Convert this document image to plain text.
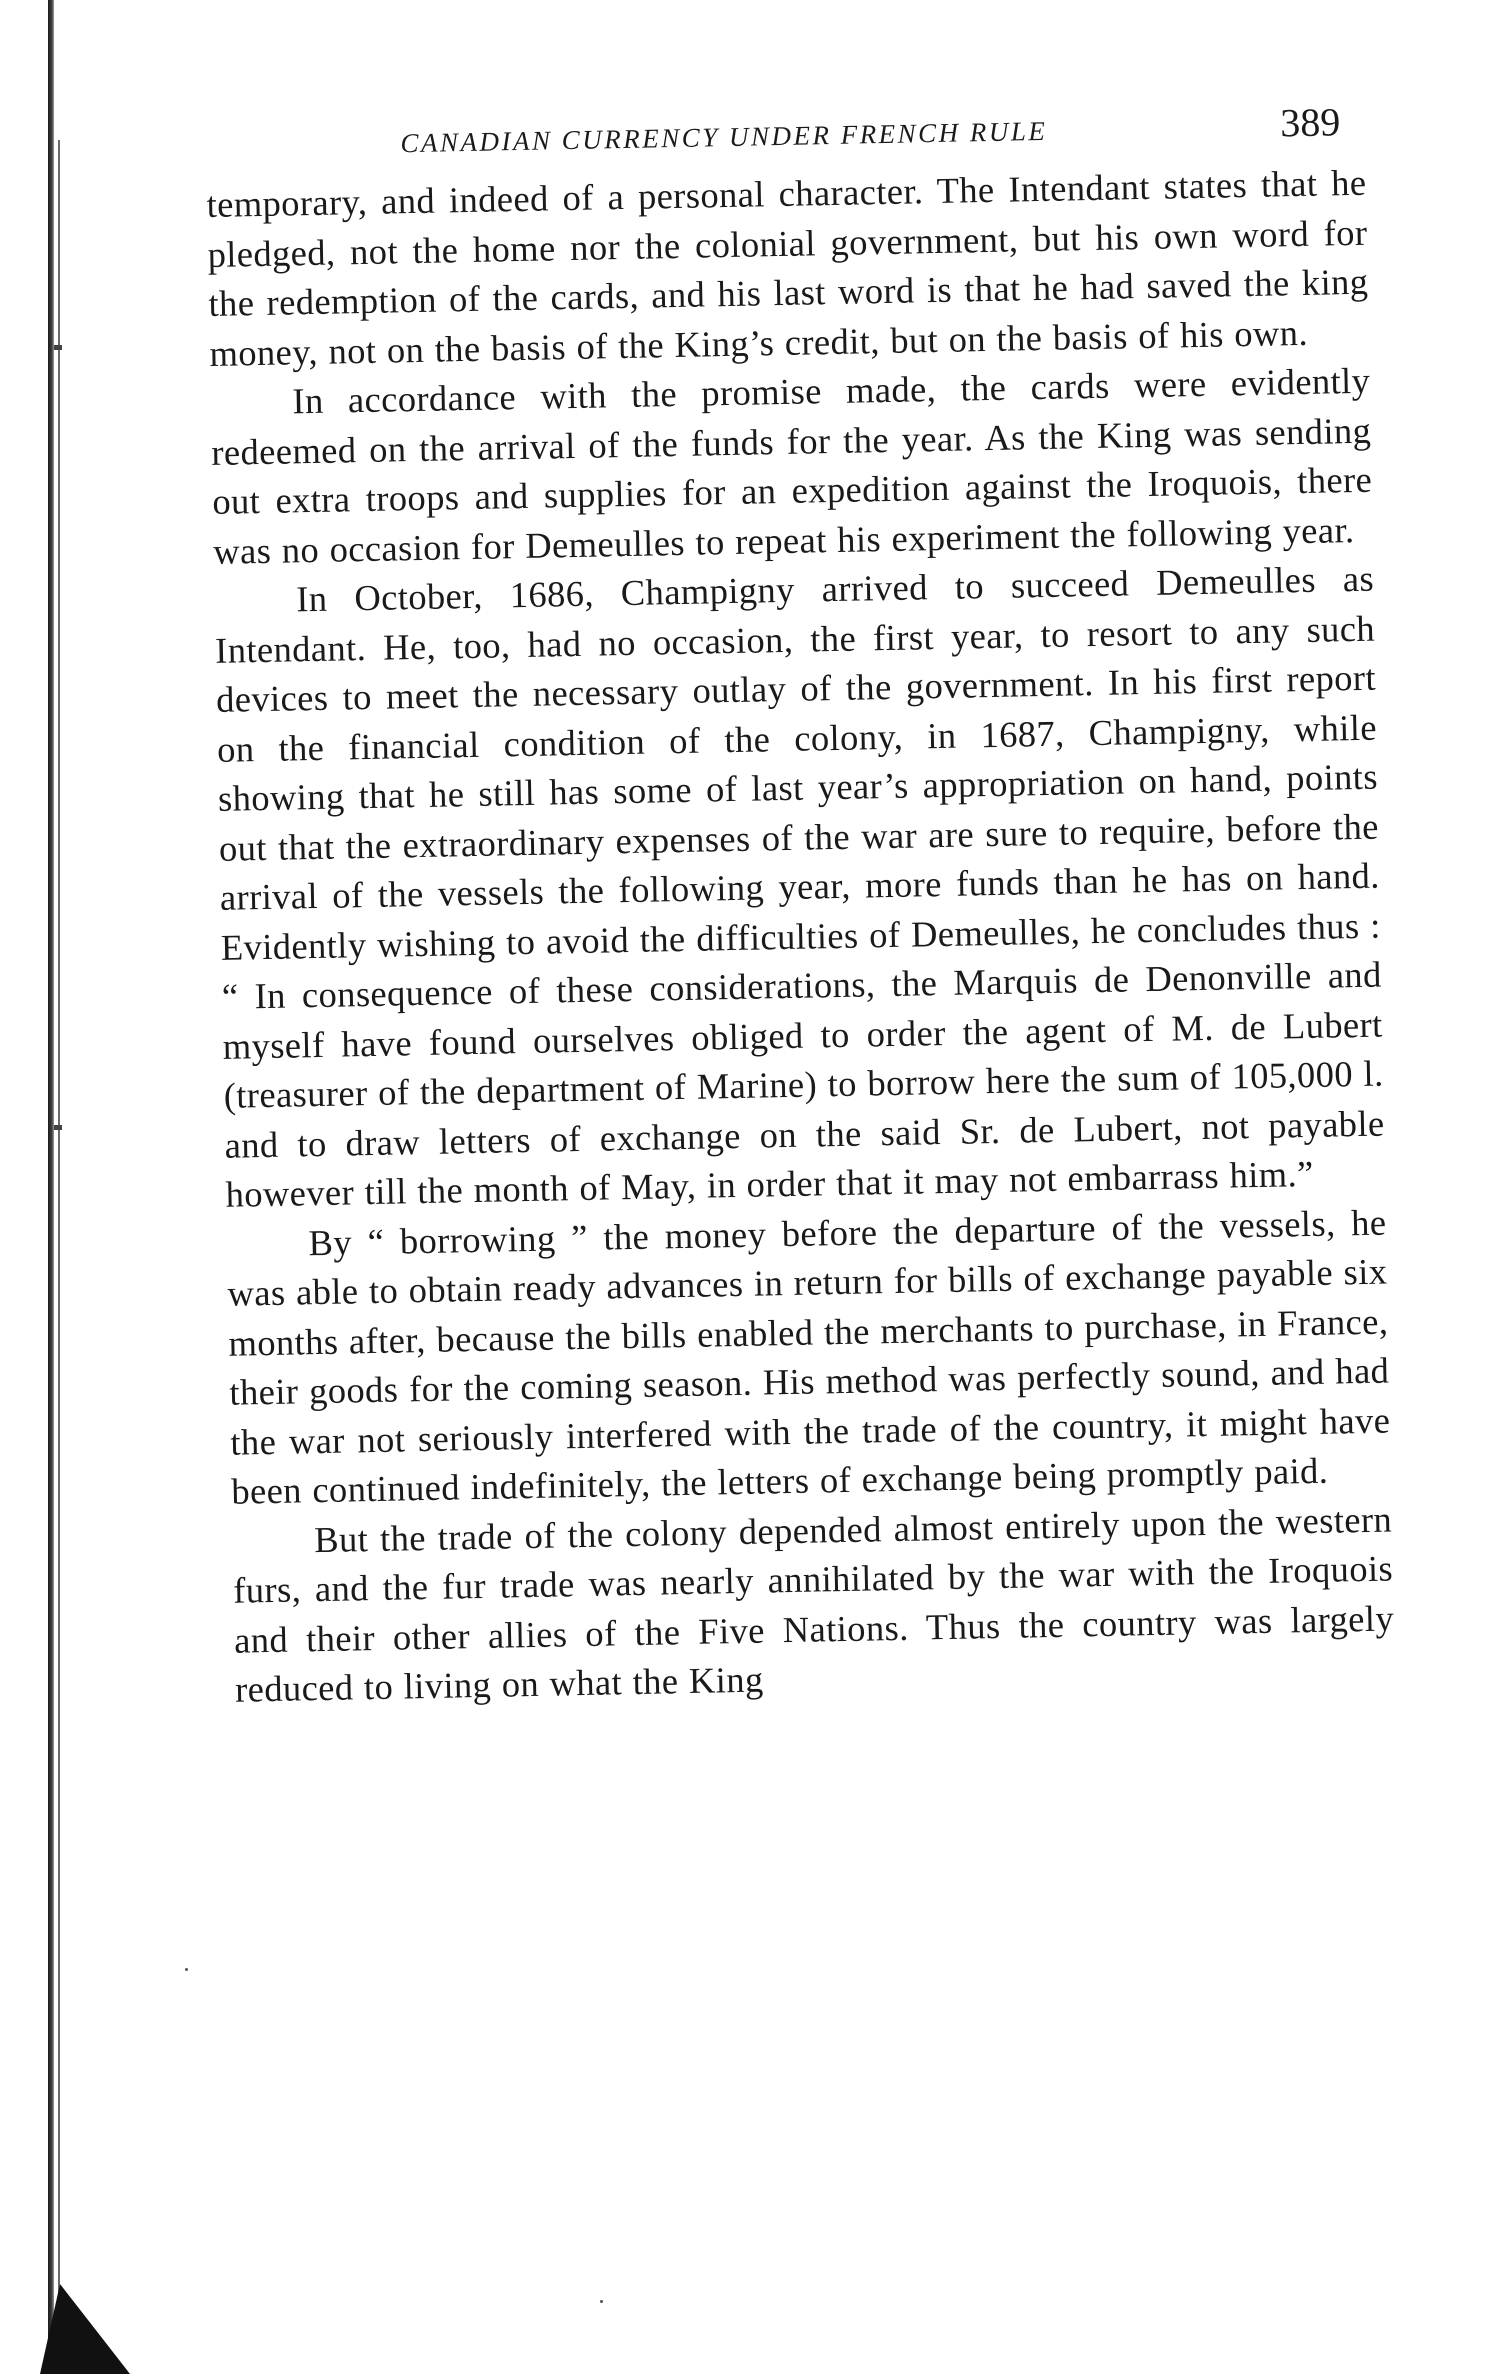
CANADIAN CURRENCY UNDER FRENCH RULE	389

temporary, and indeed of a personal character. The Intendant states that he pledged, not the home nor the colonial government, but his own word for the redemption of the cards, and his last word is that he had saved the king money, not on the basis of the King’s credit, but on the basis of his own.

In accordance with the promise made, the cards were evidently redeemed on the arrival of the funds for the year. As the King was sending out extra troops and supplies for an expedition against the Iroquois, there was no occasion for Demeulles to repeat his experiment the following year.

In October, 1686, Champigny arrived to succeed Demeulles as Intendant. He, too, had no occasion, the first year, to resort to any such devices to meet the necessary outlay of the government. In his first report on the financial condition of the colony, in 1687, Champigny, while showing that he still has some of last year’s appropriation on hand, points out that the extraordinary expenses of the war are sure to require, before the arrival of the vessels the following year, more funds than he has on hand. Evidently wishing to avoid the difficulties of Demeulles, he concludes thus : “ In consequence of these considerations, the Marquis de Denonville and myself have found ourselves obliged to order the agent of M. de Lubert (treasurer of the department of Marine) to borrow here the sum of 105,000 l. and to draw letters of exchange on the said Sr. de Lubert, not payable however till the month of May, in order that it may not embarrass him.”

By “ borrowing ” the money before the departure of the vessels, he was able to obtain ready advances in return for bills of exchange payable six months after, because the bills enabled the merchants to purchase, in France, their goods for the coming season. His method was perfectly sound, and had the war not seriously interfered with the trade of the country, it might have been continued indefinitely, the letters of exchange being promptly paid.

But the trade of the colony depended almost entirely upon the western furs, and the fur trade was nearly annihilated by the war with the Iroquois and their other allies of the Five Nations. Thus the country was largely reduced to living on what the King
